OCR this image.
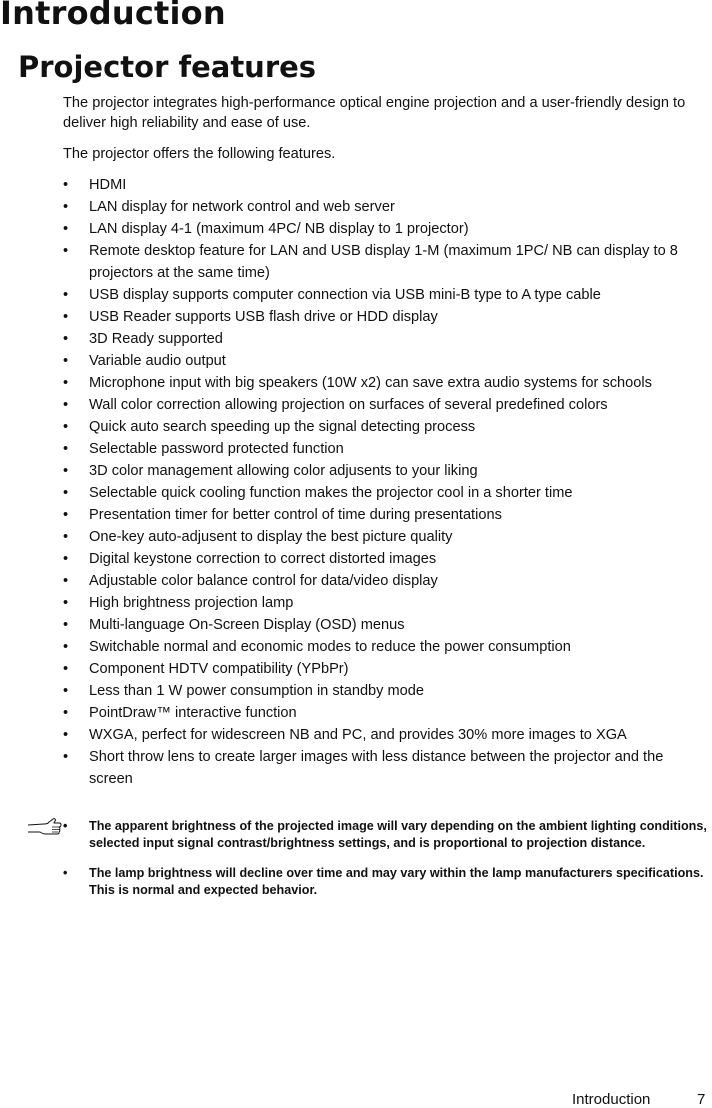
Introduction
Projector features

The projector integrates high-performance optical engine projection and a user-friendly design to deliver high reliability and ease of use.

The projector offers the following features.

• HDMI
• LAN display for network control and web server
• LAN display 4-1 (maximum 4PC/ NB display to 1 projector)
• Remote desktop feature for LAN and USB display 1-M (maximum 1PC/ NB can display to 8 projectors at the same time)
• USB display supports computer connection via USB mini-B type to A type cable
• USB Reader supports USB flash drive or HDD display
• 3D Ready supported
• Variable audio output
• Microphone input with big speakers (10W x2) can save extra audio systems for schools
• Wall color correction allowing projection on surfaces of several predefined colors
• Quick auto search speeding up the signal detecting process
• Selectable password protected function
• 3D color management allowing color adjusents to your liking
• Selectable quick cooling function makes the projector cool in a shorter time
• Presentation timer for better control of time during presentations
• One-key auto-adjusent to display the best picture quality
• Digital keystone correction to correct distorted images
• Adjustable color balance control for data/video display
• High brightness projection lamp
• Multi-language On-Screen Display (OSD) menus
• Switchable normal and economic modes to reduce the power consumption
• Component HDTV compatibility (YPbPr)
• Less than 1 W power consumption in standby mode
• PointDraw™ interactive function
• WXGA, perfect for widescreen NB and PC, and provides 30% more images to XGA
• Short throw lens to create larger images with less distance between the projector and the screen
• The apparent brightness of the projected image will vary depending on the ambient lighting conditions, selected input signal contrast/brightness settings, and is proportional to projection distance.
• The lamp brightness will decline over time and may vary within the lamp manufacturers specifications. This is normal and expected behavior.
Introduction	7
